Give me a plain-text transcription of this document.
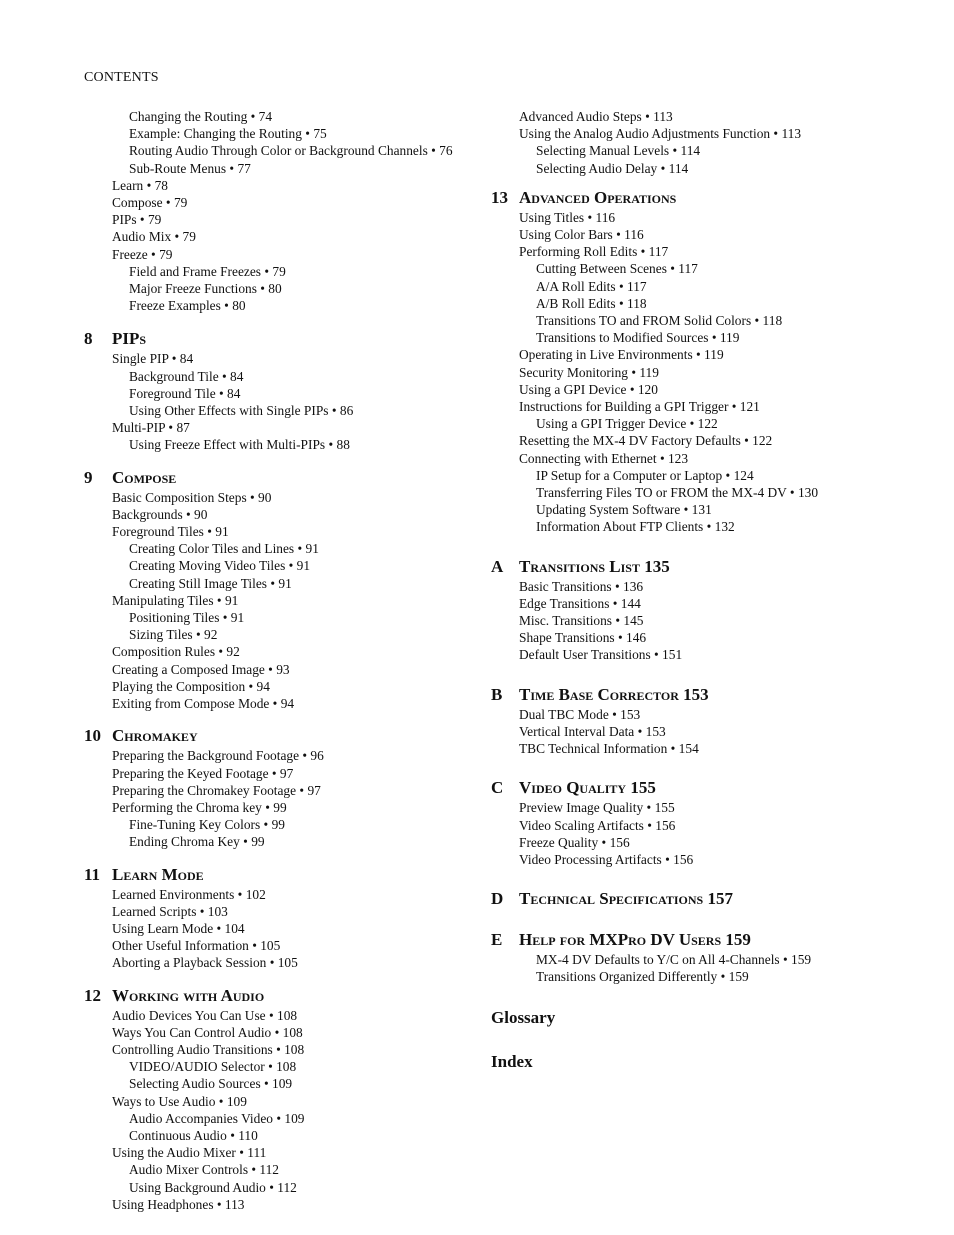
CONTENTS
Changing the Routing • 74
Example: Changing the Routing • 75
Routing Audio Through Color or Background Channels • 76
Sub-Route Menus • 77
Learn • 78
Compose • 79
PIPs • 79
Audio Mix • 79
Freeze • 79
Field and Frame Freezes • 79
Major Freeze Functions • 80
Freeze Examples • 80
8 PIPs
Single PIP • 84
Background Tile • 84
Foreground Tile • 84
Using Other Effects with Single PIPs • 86
Multi-PIP • 87
Using Freeze Effect with Multi-PIPs • 88
9 Compose
Basic Composition Steps • 90
Backgrounds • 90
Foreground Tiles • 91
Creating Color Tiles and Lines • 91
Creating Moving Video Tiles • 91
Creating Still Image Tiles • 91
Manipulating Tiles • 91
Positioning Tiles • 91
Sizing Tiles • 92
Composition Rules • 92
Creating a Composed Image • 93
Playing the Composition • 94
Exiting from Compose Mode • 94
10 Chromakey
Preparing the Background Footage • 96
Preparing the Keyed Footage • 97
Preparing the Chromakey Footage • 97
Performing the Chroma key • 99
Fine-Tuning Key Colors • 99
Ending Chroma Key • 99
11 Learn Mode
Learned Environments • 102
Learned Scripts • 103
Using Learn Mode • 104
Other Useful Information • 105
Aborting a Playback Session • 105
12 Working with Audio
Audio Devices You Can Use • 108
Ways You Can Control Audio • 108
Controlling Audio Transitions • 108
VIDEO/AUDIO Selector • 108
Selecting Audio Sources • 109
Ways to Use Audio • 109
Audio Accompanies Video • 109
Continuous Audio • 110
Using the Audio Mixer • 111
Audio Mixer Controls • 112
Using Background Audio • 112
Using Headphones • 113
Advanced Audio Steps • 113
Using the Analog Audio Adjustments Function • 113
Selecting Manual Levels • 114
Selecting Audio Delay • 114
13 Advanced Operations
Using Titles • 116
Using Color Bars • 116
Performing Roll Edits • 117
Cutting Between Scenes • 117
A/A Roll Edits • 117
A/B Roll Edits • 118
Transitions TO and FROM Solid Colors • 118
Transitions to Modified Sources • 119
Operating in Live Environments • 119
Security Monitoring • 119
Using a GPI Device • 120
Instructions for Building a GPI Trigger • 121
Using a GPI Trigger Device • 122
Resetting the MX-4 DV Factory Defaults • 122
Connecting with Ethernet • 123
IP Setup for a Computer or Laptop • 124
Transferring Files TO or FROM the MX-4 DV • 130
Updating System Software • 131
Information About FTP Clients • 132
A Transitions List 135
Basic Transitions • 136
Edge Transitions • 144
Misc. Transitions • 145
Shape Transitions • 146
Default User Transitions • 151
B Time Base Corrector 153
Dual TBC Mode • 153
Vertical Interval Data • 153
TBC Technical Information • 154
C Video Quality 155
Preview Image Quality • 155
Video Scaling Artifacts • 156
Freeze Quality • 156
Video Processing Artifacts • 156
D Technical Specifications 157
E Help for MXPro DV Users 159
MX-4 DV Defaults to Y/C on All 4-Channels • 159
Transitions Organized Differently • 159
Glossary
Index
